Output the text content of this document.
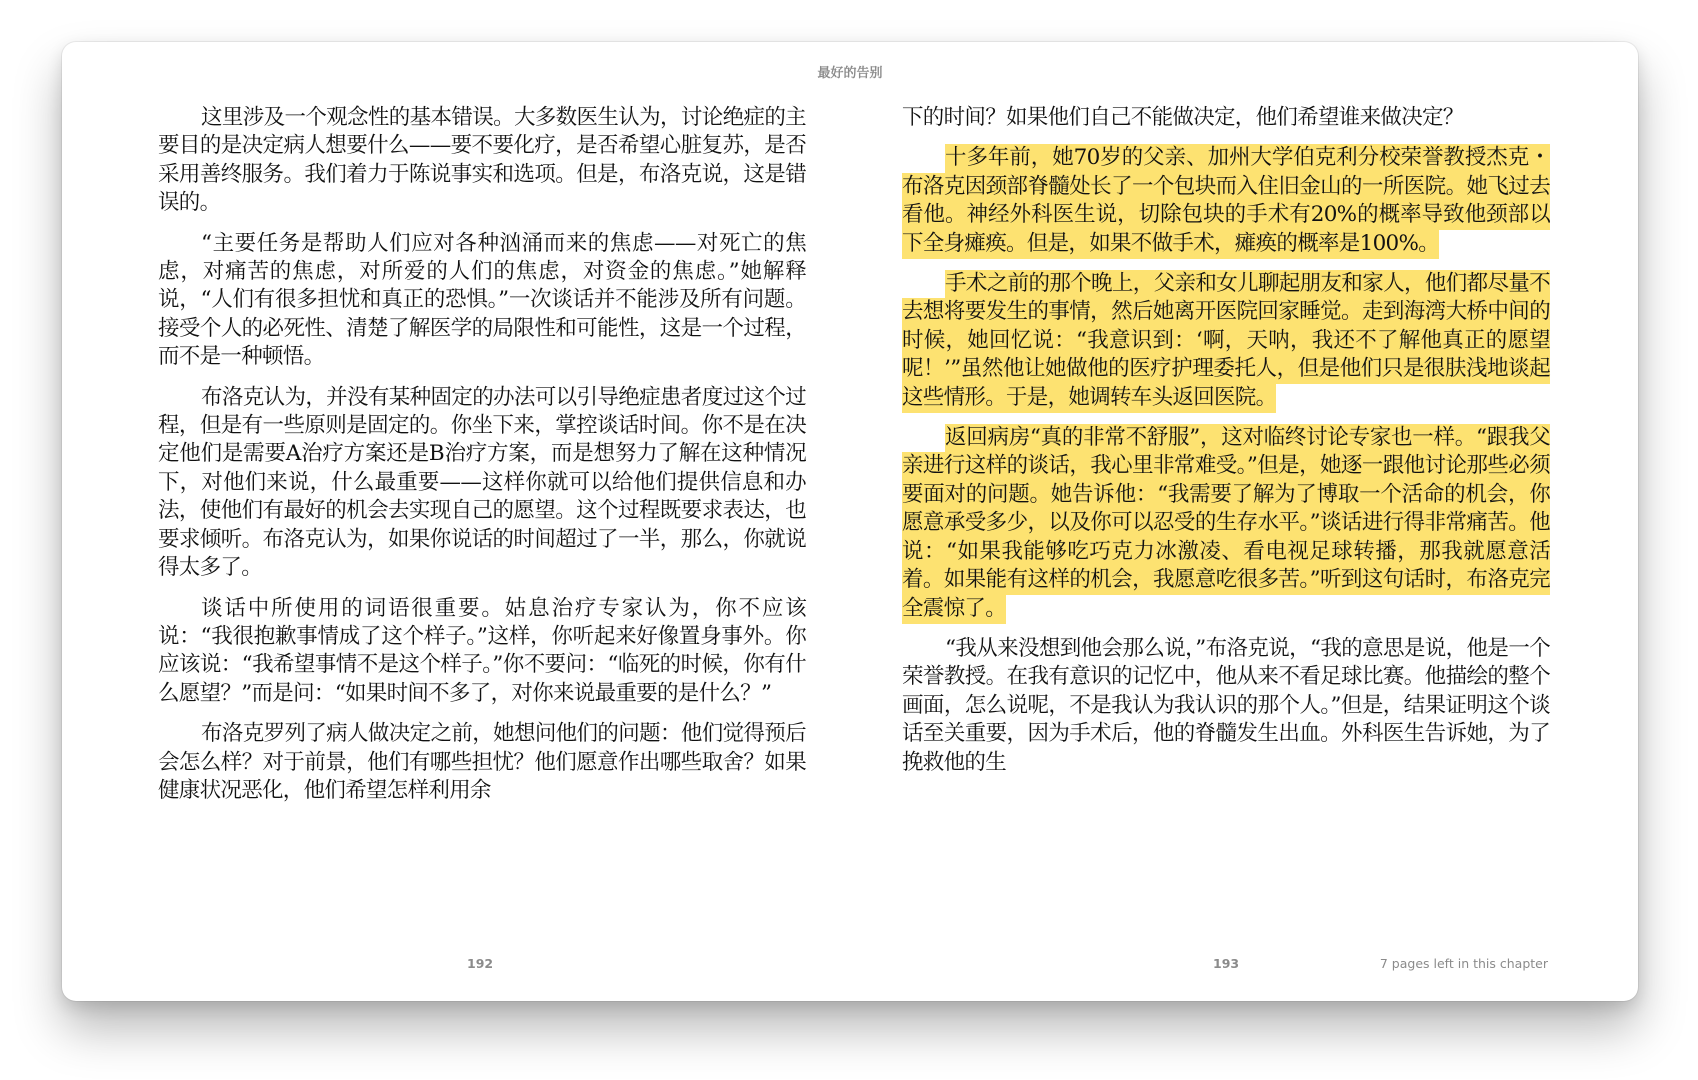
最好的告别

这里涉及一个观念性的基本错误。大多数医生认为，讨论绝症的主要目的是决定病人想要什么——要不要化疗，是否希望心脏复苏，是否采用善终服务。我们着力于陈说事实和选项。但是，布洛克说，这是错误的。

“主要任务是帮助人们应对各种汹涌而来的焦虑——对死亡的焦虑，对痛苦的焦虑，对所爱的人们的焦虑，对资金的焦虑。”她解释说，“人们有很多担忧和真正的恐惧。”一次谈话并不能涉及所有问题。 接受个人的必死性、清楚了解医学的局限性和可能性，这是一个过程，而不是一种顿悟。

布洛克认为，并没有某种固定的办法可以引导绝症患者度过这个过程，但是有一些原则是固定的。你坐下来，掌控谈话时间。你不是在决定他们是需要A治疗方案还是B治疗方案，而是想努力了解在这种情况下，对他们来说，什么最重要——这样你就可以给他们提供信息和办法，使他们有最好的机会去实现自己的愿望。这个过程既要求表达，也要求倾听。布洛克认为，如果你说话的时间超过了一半，那么，你就说得太多了。

谈话中所使用的词语很重要。姑息治疗专家认为，你不应该说：“我很抱歉事情成了这个样子。”这样，你听起来好像置身事外。你应该说：“我希望事情不是这个样子。”你不要问：“临死的时候，你有什么愿望？”而是问：“如果时间不多了，对你来说最重要的是什么？”

布洛克罗列了病人做决定之前，她想问他们的问题：他们觉得预后会怎么样？对于前景，他们有哪些担忧？他们愿意作出哪些取舍？如果健康状况恶化，他们希望怎样利用余

下的时间？如果他们自己不能做决定，他们希望谁来做决定？

十多年前，她70岁的父亲、加州大学伯克利分校荣誉教授杰克・布洛克因颈部脊髓处长了一个包块而入住旧金山的一所医院。她飞过去看他。神经外科医生说，切除包块的手术有20%的概率导致他颈部以下全身瘫痪。但是，如果不做手术，瘫痪的概率是100%。

手术之前的那个晚上，父亲和女儿聊起朋友和家人，他们都尽量不去想将要发生的事情，然后她离开医院回家睡觉。走到海湾大桥中间的时候，她回忆说：“我意识到：‘啊，天呐，我还不了解他真正的愿望呢！’”虽然他让她做他的医疗护理委托人，但是他们只是很肤浅地谈起这些情形。于是，她调转车头返回医院。

返回病房“真的非常不舒服”，这对临终讨论专家也一样。“跟我父亲进行这样的谈话，我心里非常难受。”但是，她逐一跟他讨论那些必须要面对的问题。她告诉他：“我需要了解为了博取一个活命的机会，你愿意承受多少，以及你可以忍受的生存水平。”谈话进行得非常痛苦。他说：“如果我能够吃巧克力冰激凌、看电视足球转播，那我就愿意活着。如果能有这样的机会，我愿意吃很多苦。”听到这句话时，布洛克完全震惊了。

“我从来没想到他会那么说，”布洛克说，“我的意思是说，他是一个荣誉教授。在我有意识的记忆中，他从来不看足球比赛。他描绘的整个画面，怎么说呢，不是我认为我认识的那个人。”但是，结果证明这个谈话至关重要，因为手术后，他的脊髓发生出血。外科医生告诉她，为了挽救他的生

192	193	7 pages left in this chapter
